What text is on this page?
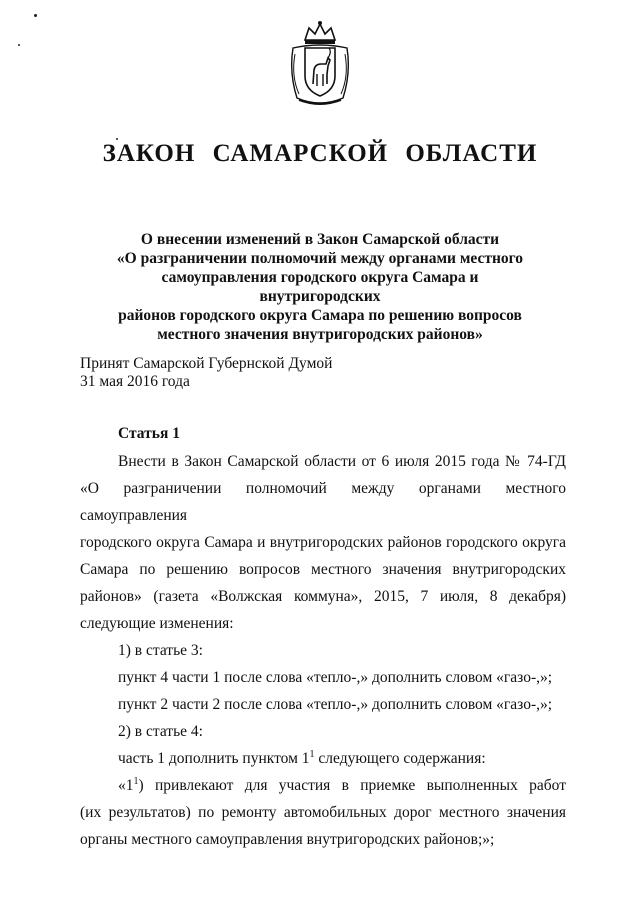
ЗАКОН САМАРСКОЙ ОБЛАСТИ
О внесении изменений в Закон Самарской области
«О разграничении полномочий между органами местного
самоуправления городского округа Самара и внутригородских
районов городского округа Самара по решению вопросов
местного значения внутригородских районов»
Принят Самарской Губернской Думой
31 мая 2016 года
Статья 1

Внести в Закон Самарской области от 6 июля 2015 года № 74-ГД

«О разграничении полномочий между органами местного самоуправления

городского округа Самара и внутригородских районов городского округа

Самара по решению вопросов местного значения внутригородских

районов» (газета «Волжская коммуна», 2015, 7 июля, 8 декабря)

следующие изменения:

1) в статье 3:

пункт 4 части 1 после слова «тепло-,» дополнить словом «газо-,»;

пункт 2 части 2 после слова «тепло-,» дополнить словом «газо-,»;

2) в статье 4:

часть 1 дополнить пунктом $1^1$ следующего содержания:

«$1^1$) привлекают для участия в приемке выполненных работ

(их результатов) по ремонту автомобильных дорог местного значения

органы местного самоуправления внутригородских районов;»;
